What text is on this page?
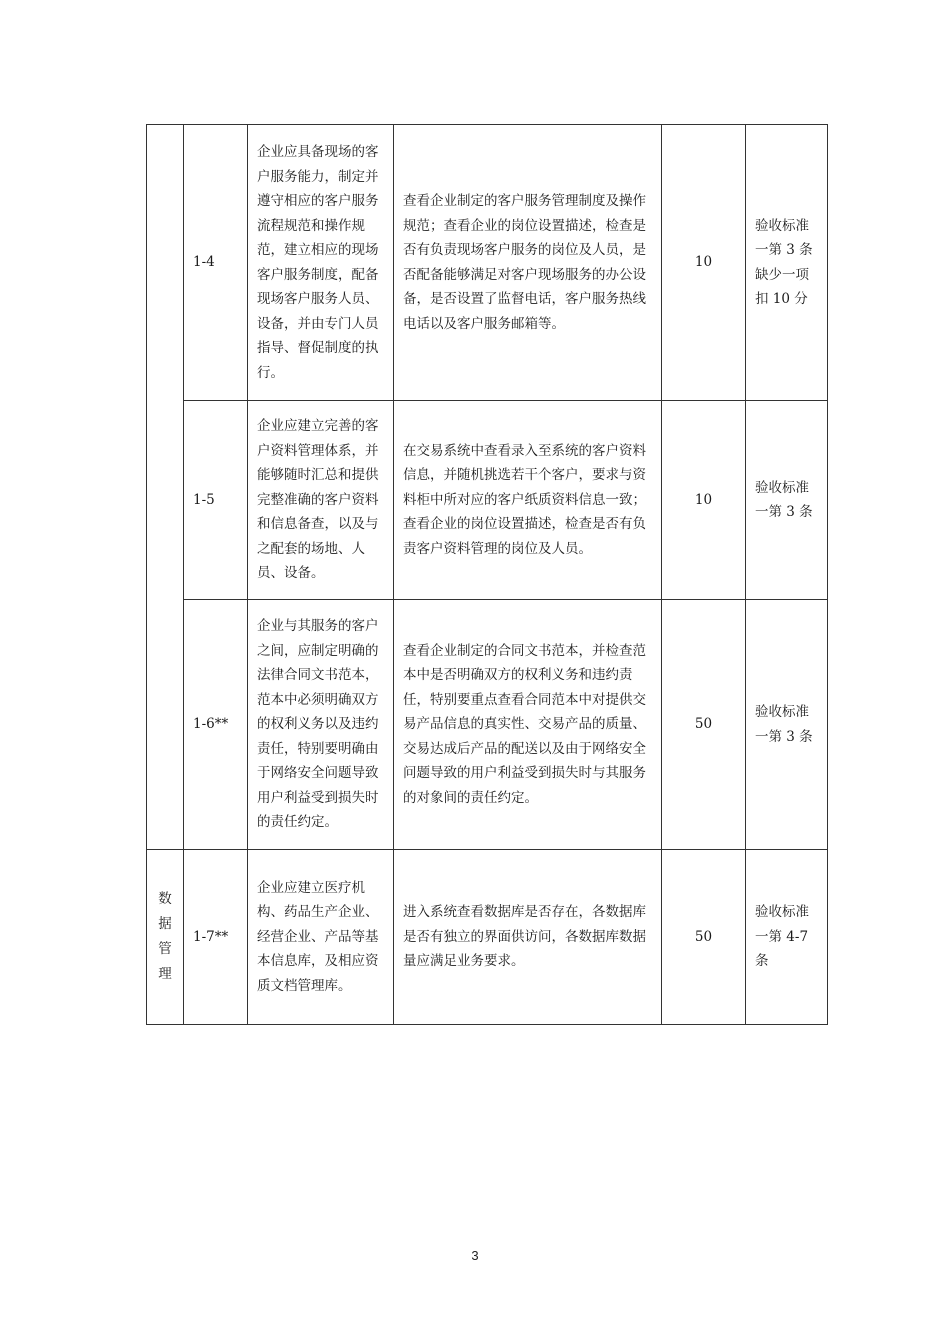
	1-4	企业应具备现场的客户服务能力，制定并遵守相应的客户服务流程规范和操作规范，建立相应的现场客户服务制度，配备现场客户服务人员、设备，并由专门人员指导、督促制度的执行。	查看企业制定的客户服务管理制度及操作规范；查看企业的岗位设置描述，检查是否有负责现场客户服务的岗位及人员，是否配备能够满足对客户现场服务的办公设备，是否设置了监督电话，客户服务热线电话以及客户服务邮箱等。	10	验收标准一第 3 条缺少一项扣 10 分
	1-5	企业应建立完善的客户资料管理体系，并能够随时汇总和提供完整准确的客户资料和信息备查，以及与之配套的场地、人员、设备。	在交易系统中查看录入至系统的客户资料信息，并随机挑选若干个客户，要求与资料柜中所对应的客户纸质资料信息一致；查看企业的岗位设置描述，检查是否有负责客户资料管理的岗位及人员。	10	验收标准一第 3 条
	1-6**	企业与其服务的客户之间，应制定明确的法律合同文书范本，范本中必须明确双方的权利义务以及违约责任，特别要明确由于网络安全问题导致用户利益受到损失时的责任约定。	查看企业制定的合同文书范本，并检查范本中是否明确双方的权利义务和违约责任，特别要重点查看合同范本中对提供交易产品信息的真实性、交易产品的质量、交易达成后产品的配送以及由于网络安全问题导致的用户利益受到损失时与其服务的对象间的责任约定。	50	验收标准一第 3 条

数据管理	1-7**	企业应建立医疗机构、药品生产企业、经营企业、产品等基本信息库，及相应资质文档管理库。	进入系统查看数据库是否存在，各数据库是否有独立的界面供访问，各数据库数据量应满足业务要求。	50	验收标准一第 4-7 条
3
